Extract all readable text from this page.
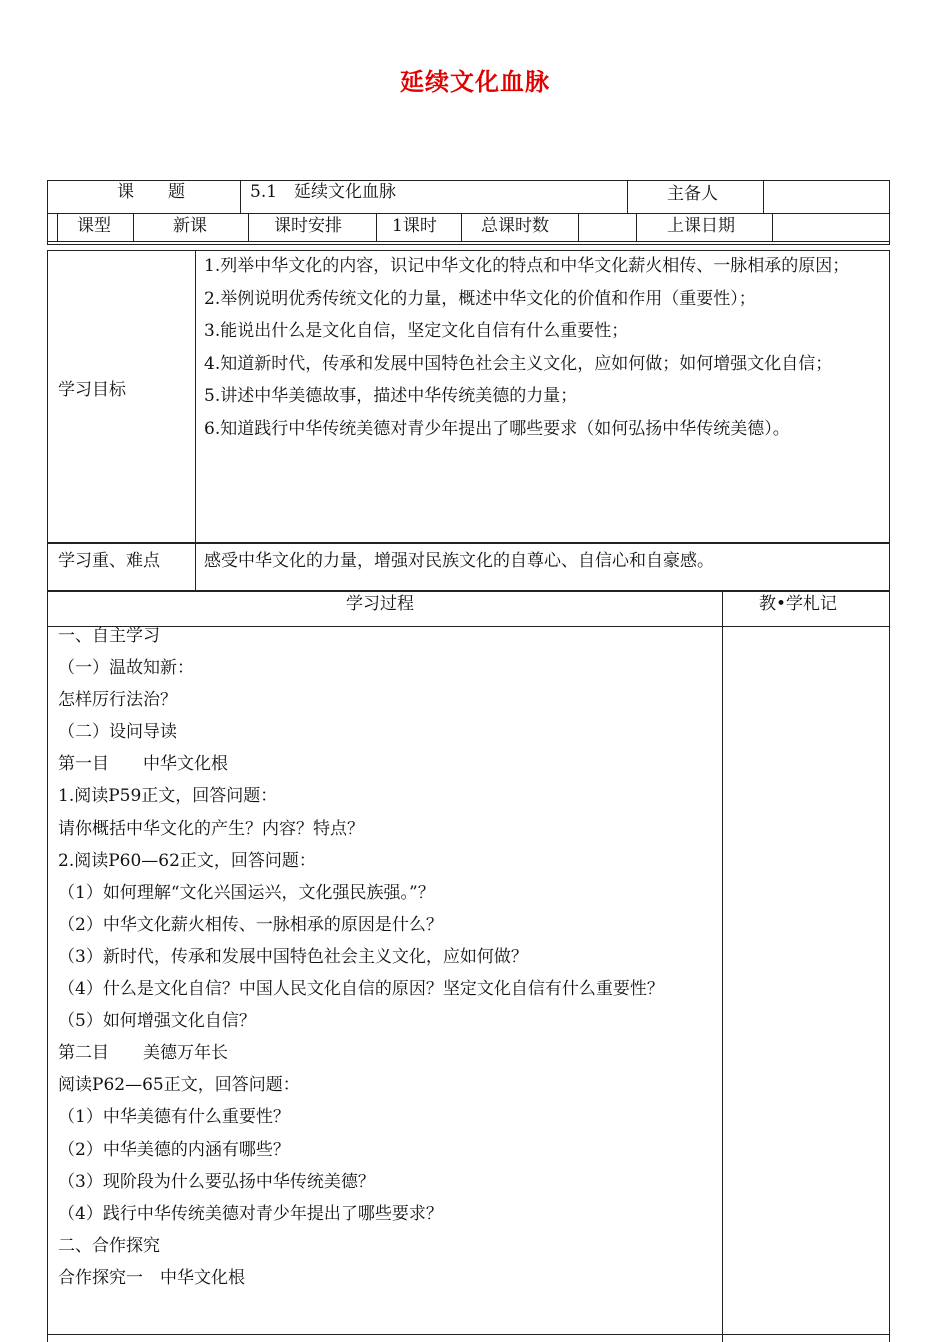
延续文化血脉
课　　题	5.1　延续文化血脉	主备人
课型	新课	课时安排	1课时	总课时数	上课日期
学习目标

1.列举中华文化的内容，识记中华文化的特点和中华文化薪火相传、一脉相承的原因；

2.举例说明优秀传统文化的力量，概述中华文化的价值和作用（重要性）；

3.能说出什么是文化自信，坚定文化自信有什么重要性；

4.知道新时代，传承和发展中国特色社会主义文化，应如何做；如何增强文化自信；

5.讲述中华美德故事，描述中华传统美德的力量；

6.知道践行中华传统美德对青少年提出了哪些要求（如何弘扬中华传统美德）。

学习重、难点	感受中华文化的力量，增强对民族文化的自尊心、自信心和自豪感。
学习过程	教•学札记

一、自主学习

（一）温故知新：

怎样厉行法治？

（二）设问导读

第一目　　中华文化根

1.阅读P59正文，回答问题：

请你概括中华文化的产生？内容？特点？

2.阅读P60—62正文，回答问题：

（1）如何理解“文化兴国运兴，文化强民族强。”？

（2）中华文化薪火相传、一脉相承的原因是什么？

（3）新时代，传承和发展中国特色社会主义文化，应如何做？

（4）什么是文化自信？中国人民文化自信的原因？坚定文化自信有什么重要性？

（5）如何增强文化自信？

第二目　　美德万年长

阅读P62—65正文，回答问题：

（1）中华美德有什么重要性？

（2）中华美德的内涵有哪些？

（3）现阶段为什么要弘扬中华传统美德？

（4）践行中华传统美德对青少年提出了哪些要求？

二、合作探究

合作探究一　中华文化根
